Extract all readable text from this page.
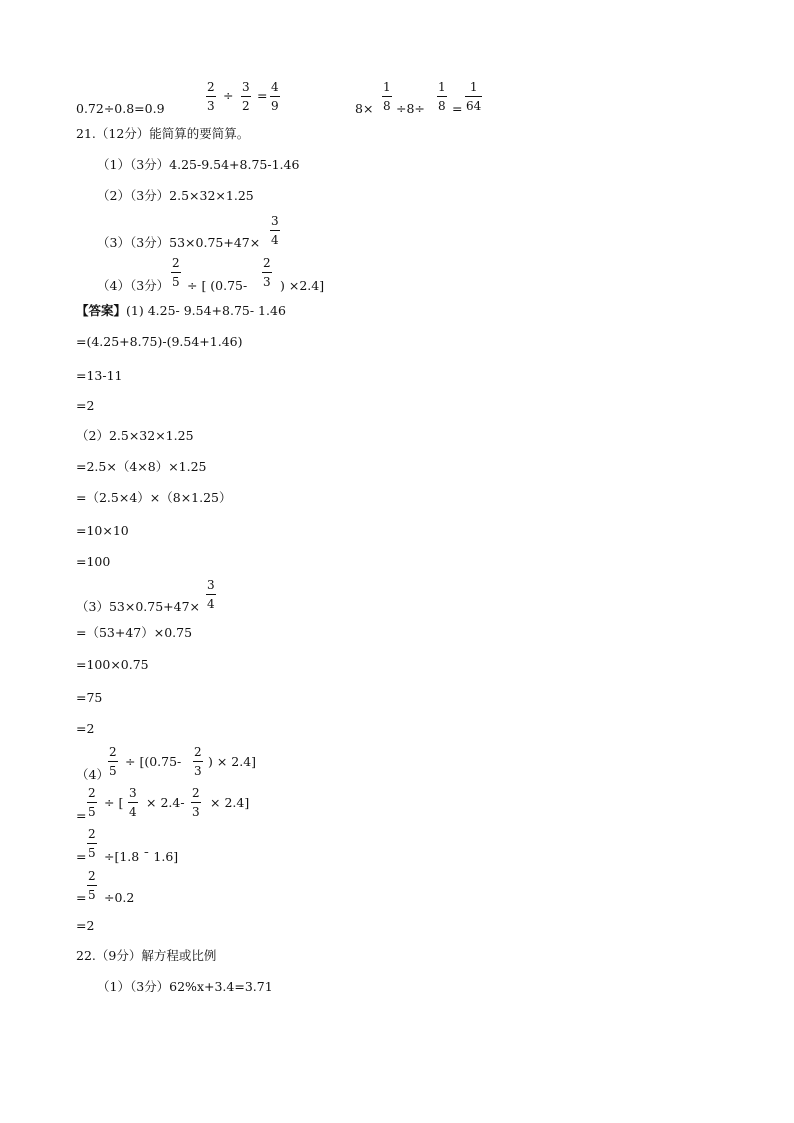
0.72÷0.8=0.9
2
3
÷
3
2
=
4
9	8×
1
8 ÷8÷
1
8 =
1
64
21.（12分）能简算的要简算。
（1）（3分）4.25-9.54+8.75-1.46
（2）（3分）2.5×32×1.25
（3）（3分）53×0.75+47×
3
4
（4）（3分）
2
5 ÷ [ (0.75-
2
3 ) ×2.4]
【答案】(1) 4.25- 9.54+8.75- 1.46
=(4.25+8.75)-(9.54+1.46)
=13-11
=2
（2）2.5×32×1.25
=2.5×（4×8）×1.25
=（2.5×4）×（8×1.25）
=10×10
=100
（3）53×0.75+47×
3
4
=（53+47）×0.75
=100×0.75
=75
=2
（4）
2
5
÷ [(0.75-
2
3
) × 2.4]
=
2
5
÷ [
3
4
× 2.4-
2
3
× 2.4]
=
2
5 ÷[1.8 ¯ 1.6]
=
2
5 ÷0.2
=2
22.（9分）解方程或比例
（1）（3分）62%x+3.4=3.71
